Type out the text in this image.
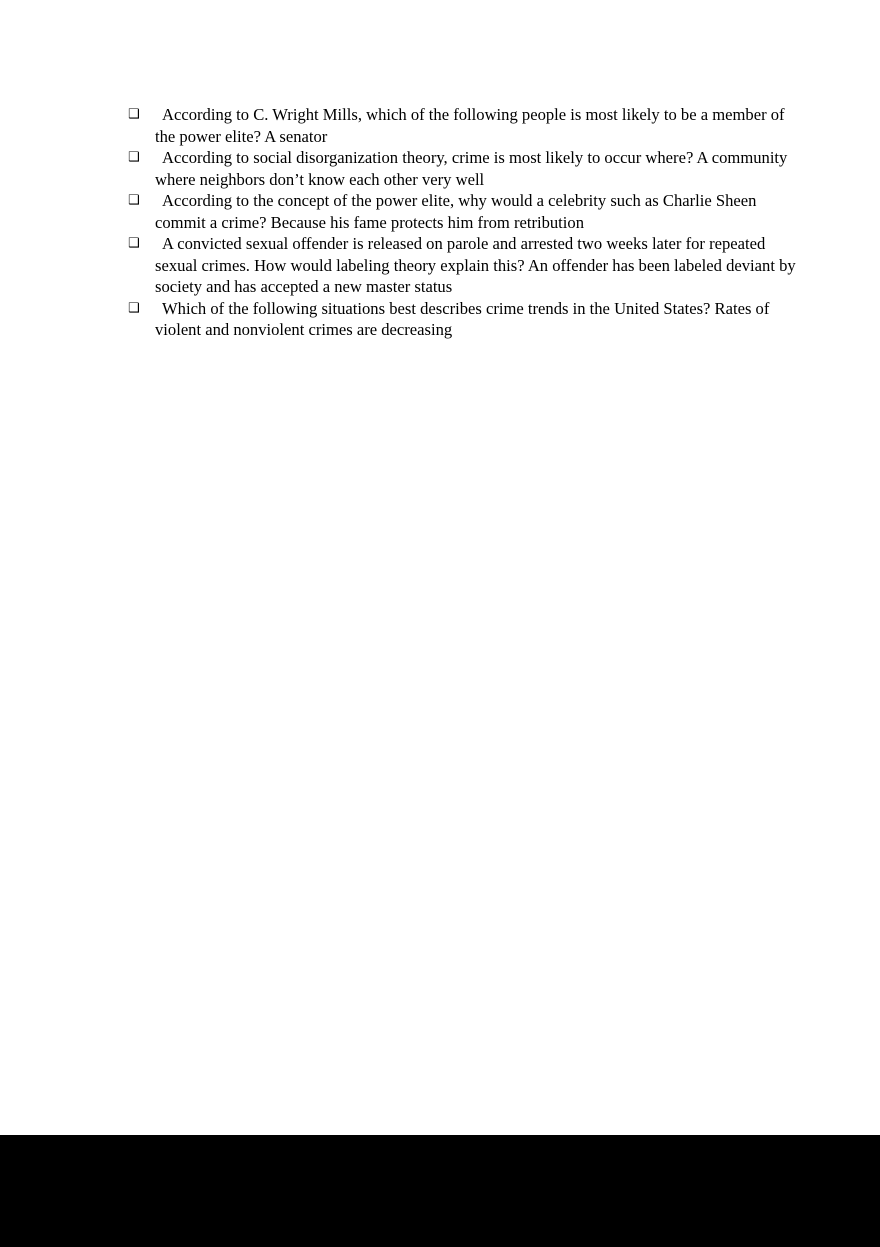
❑	According to C. Wright Mills, which of the following people is most likely to be a member of the power elite? A senator
❑	According to social disorganization theory, crime is most likely to occur where? A community where neighbors don’t know each other very well
❑	According to the concept of the power elite, why would a celebrity such as Charlie Sheen commit a crime? Because his fame protects him from retribution
❑	A convicted sexual offender is released on parole and arrested two weeks later for repeated sexual crimes. How would labeling theory explain this? An offender has been labeled deviant by society and has accepted a new master status
❑	Which of the following situations best describes crime trends in the United States? Rates of violent and nonviolent crimes are decreasing
